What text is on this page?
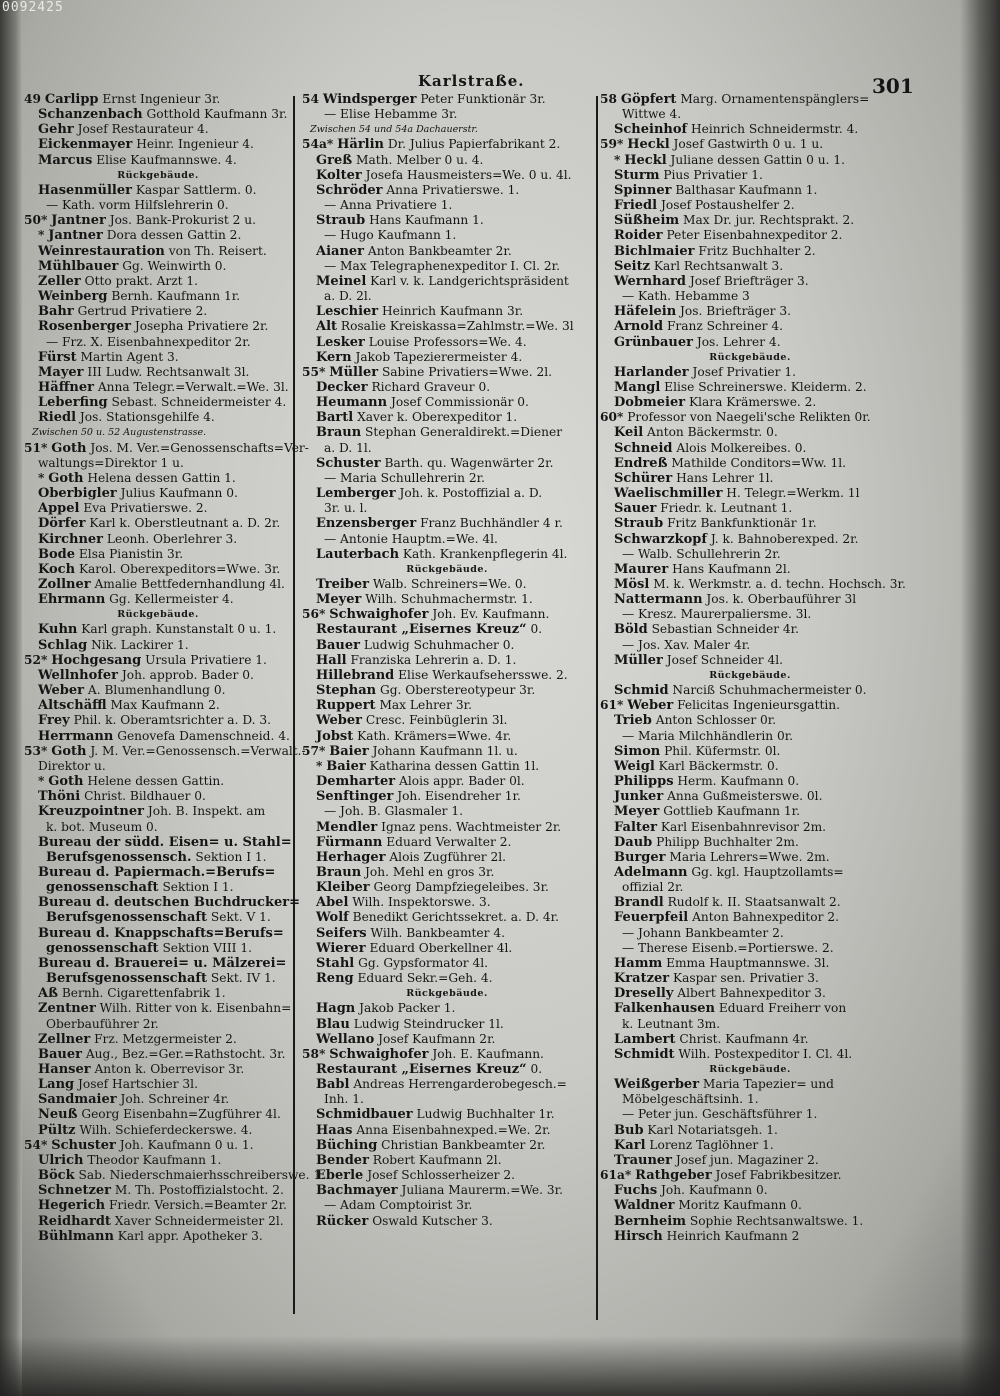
0092425
Karlstraße.	301
49 Carlipp Ernst Ingenieur 3r.
Schanzenbach Gotthold Kaufmann 3r.
Gehr Josef Restaurateur 4.
Eickenmayer Heinr. Ingenieur 4.
Marcus Elise Kaufmannswe. 4.
Rückgebäude.
Hasenmüller Kaspar Sattlerm. 0.
— Kath. vorm Hilfslehrerin 0.
50* Jantner Jos. Bank-Prokurist 2 u.
* Jantner Dora dessen Gattin 2.
Weinrestauration von Th. Reisert.
Mühlbauer Gg. Weinwirth 0.
Zeller Otto prakt. Arzt 1.
Weinberg Bernh. Kaufmann 1r.
Bahr Gertrud Privatiere 2.
Rosenberger Josepha Privatiere 2r.
— Frz. X. Eisenbahnexpeditor 2r.
Fürst Martin Agent 3.
Mayer III Ludw. Rechtsanwalt 3l.
Häffner Anna Telegr.=Verwalt.=We. 3l.
Leberfing Sebast. Schneidermeister 4.
Riedl Jos. Stationsgehilfe 4.
Zwischen 50 u. 52 Augustenstrasse.
51* Goth Jos. M. Ver.=Genossenschafts=Ver-
waltungs=Direktor 1 u.
* Goth Helena dessen Gattin 1.
Oberbigler Julius Kaufmann 0.
Appel Eva Privatierswe. 2.
Dörfer Karl k. Oberstleutnant a. D. 2r.
Kirchner Leonh. Oberlehrer 3.
Bode Elsa Pianistin 3r.
Koch Karol. Oberexpeditors=Wwe. 3r.
Zollner Amalie Bettfedernhandlung 4l.
Ehrmann Gg. Kellermeister 4.
Rückgebäude.
Kuhn Karl graph. Kunstanstalt 0 u. 1.
Schlag Nik. Lackirer 1.
52* Hochgesang Ursula Privatiere 1.
Wellnhofer Joh. approb. Bader 0.
Weber A. Blumenhandlung 0.
Altschäffl Max Kaufmann 2.
Frey Phil. k. Oberamtsrichter a. D. 3.
Herrmann Genovefa Damenschneid. 4.
53* Goth J. M. Ver.=Genossensch.=Verwalt.-
Direktor u.
* Goth Helene dessen Gattin.
Thöni Christ. Bildhauer 0.
Kreuzpointner Joh. B. Inspekt. am
k. bot. Museum 0.
Bureau der südd. Eisen= u. Stahl=
Berufsgenossensch. Sektion I 1.
Bureau d. Papiermach.=Berufs=
genossenschaft Sektion I 1.
Bureau d. deutschen Buchdrucker=
Berufsgenossenschaft Sekt. V 1.
Bureau d. Knappschafts=Berufs=
genossenschaft Sektion VIII 1.
Bureau d. Brauerei= u. Mälzerei=
Berufsgenossenschaft Sekt. IV 1.
Aß Bernh. Cigarettenfabrik 1.
Zentner Wilh. Ritter von k. Eisenbahn=
Oberbauführer 2r.
Zellner Frz. Metzgermeister 2.
Bauer Aug., Bez.=Ger.=Rathstocht. 3r.
Hanser Anton k. Oberrevisor 3r.
Lang Josef Hartschier 3l.
Sandmaier Joh. Schreiner 4r.
Neuß Georg Eisenbahn=Zugführer 4l.
Pültz Wilh. Schieferdeckerswe. 4.
54* Schuster Joh. Kaufmann 0 u. 1.
Ulrich Theodor Kaufmann 1.
Böck Sab. Niederschmaierhsschreiberswe. 1.
Schnetzer M. Th. Postoffizialstocht. 2.
Hegerich Friedr. Versich.=Beamter 2r.
Reidhardt Xaver Schneidermeister 2l.
Bühlmann Karl appr. Apotheker 3.
54 Windsperger Peter Funktionär 3r.
— Elise Hebamme 3r.
Zwischen 54 und 54a Dachauerstr.
54a* Härlin Dr. Julius Papierfabrikant 2.
Greß Math. Melber 0 u. 4.
Kolter Josefa Hausmeisters=We. 0 u. 4l.
Schröder Anna Privatierswe. 1.
— Anna Privatiere 1.
Straub Hans Kaufmann 1.
— Hugo Kaufmann 1.
Aianer Anton Bankbeamter 2r.
— Max Telegraphenexpeditor I. Cl. 2r.
Meinel Karl v. k. Landgerichtspräsident
a. D. 2l.
Leschier Heinrich Kaufmann 3r.
Alt Rosalie Kreiskassa=Zahlmstr.=We. 3l
Lesker Louise Professors=We. 4.
Kern Jakob Tapezierermeister 4.
55* Müller Sabine Privatiers=Wwe. 2l.
Decker Richard Graveur 0.
Heumann Josef Commissionär 0.
Bartl Xaver k. Oberexpeditor 1.
Braun Stephan Generaldirekt.=Diener
a. D. 1l.
Schuster Barth. qu. Wagenwärter 2r.
— Maria Schullehrerin 2r.
Lemberger Joh. k. Postoffizial a. D.
3r. u. l.
Enzensberger Franz Buchhändler 4 r.
— Antonie Hauptm.=We. 4l.
Lauterbach Kath. Krankenpflegerin 4l.
Rückgebäude.
Treiber Walb. Schreiners=We. 0.
Meyer Wilh. Schuhmachermstr. 1.
56* Schwaighofer Joh. Ev. Kaufmann.
Restaurant „Eisernes Kreuz“ 0.
Bauer Ludwig Schuhmacher 0.
Hall Franziska Lehrerin a. D. 1.
Hillebrand Elise Werkaufsehersswe. 2.
Stephan Gg. Oberstereotypeur 3r.
Ruppert Max Lehrer 3r.
Weber Cresc. Feinbüglerin 3l.
Jobst Kath. Krämers=Wwe. 4r.
57* Baier Johann Kaufmann 1l. u.
* Baier Katharina dessen Gattin 1l.
Demharter Alois appr. Bader 0l.
Senftinger Joh. Eisendreher 1r.
— Joh. B. Glasmaler 1.
Mendler Ignaz pens. Wachtmeister 2r.
Fürmann Eduard Verwalter 2.
Herhager Alois Zugführer 2l.
Braun Joh. Mehl en gros 3r.
Kleiber Georg Dampfziegeleibes. 3r.
Abel Wilh. Inspektorswe. 3.
Wolf Benedikt Gerichtssekret. a. D. 4r.
Seifers Wilh. Bankbeamter 4.
Wierer Eduard Oberkellner 4l.
Stahl Gg. Gypsformator 4l.
Reng Eduard Sekr.=Geh. 4.
Rückgebäude.
Hagn Jakob Packer 1.
Blau Ludwig Steindrucker 1l.
Wellano Josef Kaufmann 2r.
58* Schwaighofer Joh. E. Kaufmann.
Restaurant „Eisernes Kreuz“ 0.
Babl Andreas Herrengarderobegesch.=
Inh. 1.
Schmidbauer Ludwig Buchhalter 1r.
Haas Anna Eisenbahnexped.=We. 2r.
Büching Christian Bankbeamter 2r.
Bender Robert Kaufmann 2l.
Eberle Josef Schlosserheizer 2.
Bachmayer Juliana Maurerm.=We. 3r.
— Adam Comptoirist 3r.
Rücker Oswald Kutscher 3.
58 Göpfert Marg. Ornamentenspänglers=
Wittwe 4.
Scheinhof Heinrich Schneidermstr. 4.
59* Heckl Josef Gastwirth 0 u. 1 u.
* Heckl Juliane dessen Gattin 0 u. 1.
Sturm Pius Privatier 1.
Spinner Balthasar Kaufmann 1.
Friedl Josef Postaushelfer 2.
Süßheim Max Dr. jur. Rechtsprakt. 2.
Roider Peter Eisenbahnexpeditor 2.
Bichlmaier Fritz Buchhalter 2.
Seitz Karl Rechtsanwalt 3.
Wernhard Josef Briefträger 3.
— Kath. Hebamme 3
Häfelein Jos. Briefträger 3.
Arnold Franz Schreiner 4.
Grünbauer Jos. Lehrer 4.
Rückgebäude.
Harlander Josef Privatier 1.
Mangl Elise Schreinerswe. Kleiderm. 2.
Dobmeier Klara Krämerswe. 2.
60* Professor von Naegeli'sche Relikten 0r.
Keil Anton Bäckermstr. 0.
Schneid Alois Molkereibes. 0.
Endreß Mathilde Conditors=Ww. 1l.
Schürer Hans Lehrer 1l.
Waelischmiller H. Telegr.=Werkm. 1l
Sauer Friedr. k. Leutnant 1.
Straub Fritz Bankfunktionär 1r.
Schwarzkopf J. k. Bahnoberexped. 2r.
— Walb. Schullehrerin 2r.
Maurer Hans Kaufmann 2l.
Mösl M. k. Werkmstr. a. d. techn. Hochsch. 3r.
Nattermann Jos. k. Oberbauführer 3l
— Kresz. Maurerpaliersme. 3l.
Böld Sebastian Schneider 4r.
— Jos. Xav. Maler 4r.
Müller Josef Schneider 4l.
Rückgebäude.
Schmid Narciß Schuhmachermeister 0.
61* Weber Felicitas Ingenieursgattin.
Trieb Anton Schlosser 0r.
— Maria Milchhändlerin 0r.
Simon Phil. Küfermstr. 0l.
Weigl Karl Bäckermstr. 0.
Philipps Herm. Kaufmann 0.
Junker Anna Gußmeisterswe. 0l.
Meyer Gottlieb Kaufmann 1r.
Falter Karl Eisenbahnrevisor 2m.
Daub Philipp Buchhalter 2m.
Burger Maria Lehrers=Wwe. 2m.
Adelmann Gg. kgl. Hauptzollamts=
offizial 2r.
Brandl Rudolf k. II. Staatsanwalt 2.
Feuerpfeil Anton Bahnexpeditor 2.
— Johann Bankbeamter 2.
— Therese Eisenb.=Portierswe. 2.
Hamm Emma Hauptmannswe. 3l.
Kratzer Kaspar sen. Privatier 3.
Dreselly Albert Bahnexpeditor 3.
Falkenhausen Eduard Freiherr von
k. Leutnant 3m.
Lambert Christ. Kaufmann 4r.
Schmidt Wilh. Postexpeditor I. Cl. 4l.
Rückgebäude.
Weißgerber Maria Tapezier= und
Möbelgeschäftsinh. 1.
— Peter jun. Geschäftsführer 1.
Bub Karl Notariatsgeh. 1.
Karl Lorenz Taglöhner 1.
Trauner Josef jun. Magaziner 2.
61a* Rathgeber Josef Fabrikbesitzer.
Fuchs Joh. Kaufmann 0.
Waldner Moritz Kaufmann 0.
Bernheim Sophie Rechtsanwaltswe. 1.
Hirsch Heinrich Kaufmann 2
